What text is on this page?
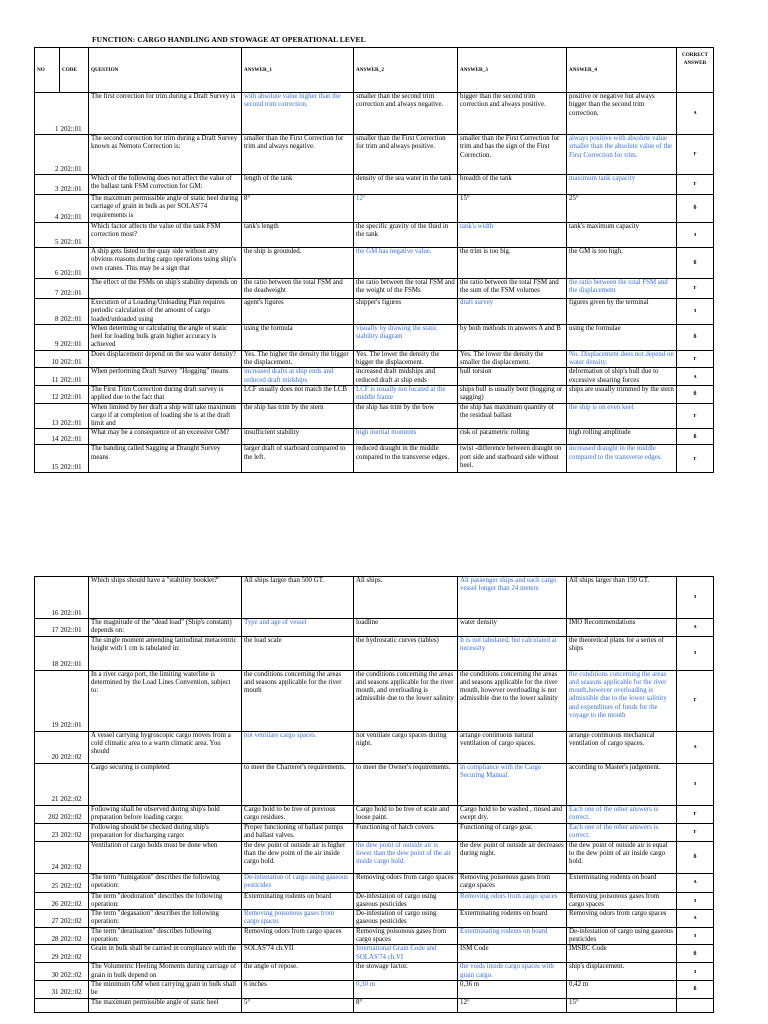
FUNCTION: CARGO HANDLING AND STOWAGE AT OPERATIONAL LEVEL
NO	CODE	QUESTION	ANSWER_1	ANSWER_2	ANSWER_3	ANSWER_4	CORRECT ANSWER
1	202::01	The first correction for trim during a Draft Survey is	with absolute value higher than the second trim correction.	smaller than the second trim correction and always negative.	bigger than the second trim correction and always positive.	positive or negative but always bigger than the second trim correction.	ᴀ
2	202::01	The second correction for trim during a Draft Survey known as Nemoto Correction is:	smaller than the First Correction for trim and always negative.	smaller than the First Correction for trim and always positive.	smaller than the First Correction for trim and has the sign of the First Correction.	always positive with absolute value smaller than the absolute value of the First Correction for trim.	ᴦ
3	202::01	Which of the following does not affect the value of the ballast tank FSM correction for GM:	length of the tank	density of the sea water in the tank	breadth of the tank	maximum tank capacity	ᴦ
4	202::01	The maximum permissible angle of static heel during carriage of grain in bulk as per SOLAS'74 requirements is	8°	12°	15°	25°	б
5	202::01	Which factor affects the value of the tank FSM correction most?	tank's length	the specific gravity of the fluid in the tank	tank's width	tank's maximum capacity	ᴈ
6	202::01	A ship gets listed to the quay side without any obvious reasons during cargo operations using ship's own cranes. This may be a sign that	the ship is grounded.	the GM has negative value.	the trim is too big.	the GM is too high.	б
7	202::01	The effect of the FSMs on ship's stability depends on	the ratio between the total FSM and the deadweight	the ratio between the total FSM and the weight of the FSMs	the ratio between the total FSM and the sum of the FSM volumes	the ratio between the total FSM and the displacement	ᴦ
8	202::01	Execution of a Loading/Unloading Plan requires periodic calculation of the amount of cargo loaded/unloaded using	agent's figures	shipper's figures	draft survey	figures given by the terminal	ᴈ
9	202::01	When determing or calculating the angle of static heel for loading bulk grain higher accuracy is achieved	using the formula	visually by drawing the static stability diagram	by both methods in answers A and B	using the formulae	б
10	202::01	Does displacement depend on the sea water density?	Yes. The higher the density the bigger the displacement.	Yes. The lower the density the bigger the displacement.	Yes. The lower the density the smaller the displacement.	No. Displacement does not depend on water density.	ᴦ
11	202::01	When performing Draft Survey "Hogging" means	increased drafts at ship ends and reduced draft midships	increased draft midships and reduced draft at ship ends	hull torsion	deformation of ship's hull due to excessive shearing forces	ᴀ
12	202::01	The First Trim Correction during draft survey is applied due to the fact that	LCF usually does not match the LCB	LCF is usually not located at the middle frame	ships hull is usually bent (hogging or sagging)	ships are usually trimmed by the stern	б
13	202::01	When limited by her draft a ship will take maximum cargo if at completion of loading she is at the draft limit and	the ship has trim by the stern	the ship has trim by the bow	the ship has maximum quantity of the residual ballast	the ship is on even keel	ᴦ
14	202::01	What may be a consequence of an excessive GM?	insufficient stability	high inertial moments	risk of parametric rolling	high rolling amplitude	б
15	202::01	The banding called Sagging at Draught Survey means	larger draft of starboard compared to the left.	reduced draught in the middle compared to the transverse edges.	twist -difference between draught on port side and starboard side without heel.	increased draught in the middle compared to the transverse edges.	ᴦ
16	202::01	Which ships should have a "stability booklet?"	All ships larger than 500 GT.	All ships.	All passenger ships and each cargo vessel longer than 24 meters	All ships larger than 150 GT.	ᴈ
17	202::01	The magnitude of the "dead load" (Ship's constant) depends on:	Type and age of vessel	loadline	water density	IMO Recommendations	ᴀ
18	202::01	The single moment amending latitudinal metacentric height with 1 cm is tabulated in:	the load scale	the hydrostatic curves (tables)	It is not tabulated, but calculated at necessity	the theoretical plans for a series of ships	ᴈ
19	202::01	In a river cargo port, the limiting waterline is determined by the Load Lines Convention, subject to:	the conditions concerning the areas and seasons applicable for the river mouth	the conditions concerning the areas and seasons applicable for the river mouth, and overloading is admissible due to the lower salinity	the conditions concerning the areas and seasons applicable for the river mouth, however overloading is not admissible due to the lower salinity	the conditions concerning the areas and seasons applicable for the river mouth,however overloading is admissible due to the lower salinity and expenditure of funds for the voyage to the mouth	ᴦ
20	202::02	A vessel carrying hygroscopic cargo moves from a cold climatic area to a warm climatic area. You should	not ventilate cargo spaces.	not ventilate cargo spaces during night.	arrange continuous natural ventilation of cargo spaces.	arrange continuous mechanical ventilation of cargo spaces.	ᴀ
21	202::02	Cargo securing is completed	to meet the Charterer's requirements.	to meet the Owner's requirements.	in compliance with the Cargo Securing Manual.	according to Master's judgement.	ᴈ
202	202::02	Following shall be observed during ship's hold preparation before loading cargo:	Cargo hold to be free of previous cargo residues.	Cargo hold to be free of scale and loose paint.	Cargo hold to be washed , rinsed and swept dry.	Each one of the other answers is correct.	ᴦ
23	202::02	Following should be checked during ship's preparation for discharging cargo:	Proper functioning of ballast pumps and ballast valves.	Functioning of hatch covers.	Functioning of cargo gear.	Each one of the other answers is correct.	ᴦ
24	202::02	Ventilation of cargo holds must be done when	the dew point of outside air is higher than the dew point of the air inside cargo hold.	the dew point of outside air is lower than the dew point of the air inside cargo hold.	the dew point of outside air decreases during night.	the dew point of outside air is equal to the dew point of air inside cargo hold.	б
25	202::02	The term "fumigation" describes the following operation:	De-infestation of cargo using gaseous pesticides	Removing odors from cargo spaces	Removing poisonous gases from cargo spaces	Exterminating rodents on board	ᴀ
26	202::02	The term "deodoration" describes the following operation:	Exterminating rodents on board	De-infestation of cargo using gaseous pesticides	Removing odors from cargo spaces	Removing poisonous gases from cargo spaces	ᴈ
27	202::02	The term "degasation" describes the following operation:	Removing poisonous gases from cargo spaces	De-infestation of cargo using gaseous pesticides	Exterminating rodents on board	Removing odors from cargo spaces	ᴀ
28	202::02	The term "deratisation" describes following operation:	Removing odors from cargo spaces	Removing poisonous gases from cargo spaces	Exterminating rodents on board	De-infestation of cargo using gaseous pesticides	ᴈ
29	202::02	Grain in bulk shall be carried in compliance with the	SOLAS'74 ch.VII	International Grain Code and SOLAS'74 ch.VI	ISM Code	IMSBC Code	б
30	202::02	The Volumetric Heeling Moments during carriage of grain in bulk depend on	the angle of repose.	the stowage factor.	the voids inside cargo spaces with grain cargo.	ship's displacement.	ᴈ
31	202::02	The minimum GM when carrying grain in bulk shall be	6 inches	0,30 m	0,36 m	0,42 m	б
		The maximum permissible angle of static heel	5°	8°	12°	15°	
